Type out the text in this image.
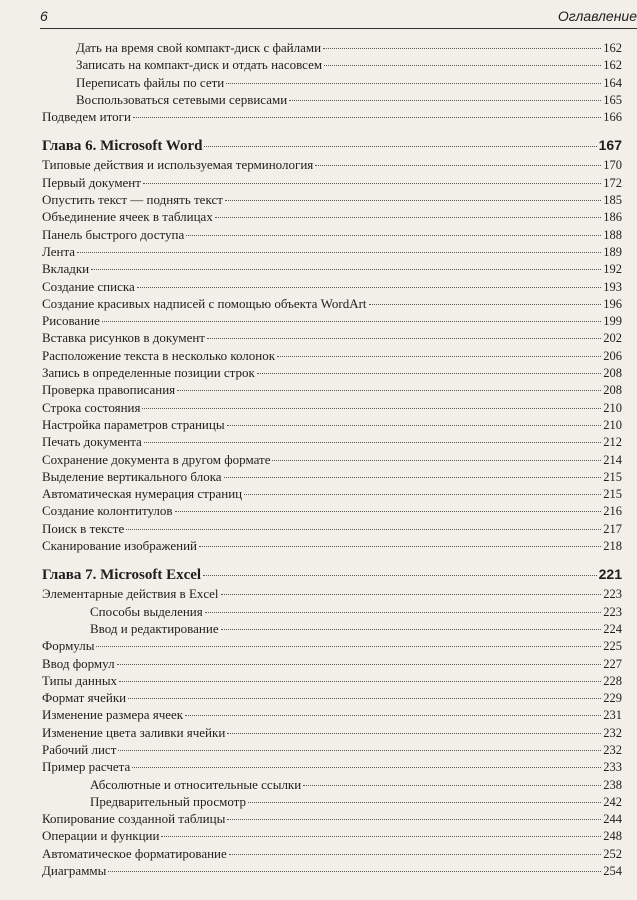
6	Оглавление
Дать на время свой компакт-диск с файлами	162
Записать на компакт-диск и отдать насовсем	162
Переписать файлы по сети	164
Воспользоваться сетевыми сервисами	165
Подведем итоги	166
Глава 6. Microsoft Word	167
Типовые действия и используемая терминология	170
Первый документ	172
Опустить текст — поднять текст	185
Объединение ячеек в таблицах	186
Панель быстрого доступа	188
Лента	189
Вкладки	192
Создание списка	193
Создание красивых надписей с помощью объекта WordArt	196
Рисование	199
Вставка рисунков в документ	202
Расположение текста в несколько колонок	206
Запись в определенные позиции строк	208
Проверка правописания	208
Строка состояния	210
Настройка параметров страницы	210
Печать документа	212
Сохранение документа в другом формате	214
Выделение вертикального блока	215
Автоматическая нумерация страниц	215
Создание колонтитулов	216
Поиск в тексте	217
Сканирование изображений	218
Глава 7. Microsoft Excel	221
Элементарные действия в Excel	223
Способы выделения	223
Ввод и редактирование	224
Формулы	225
Ввод формул	227
Типы данных	228
Формат ячейки	229
Изменение размера ячеек	231
Изменение цвета заливки ячейки	232
Рабочий лист	232
Пример расчета	233
Абсолютные и относительные ссылки	238
Предварительный просмотр	242
Копирование созданной таблицы	244
Операции и функции	248
Автоматическое форматирование	252
Диаграммы	254
